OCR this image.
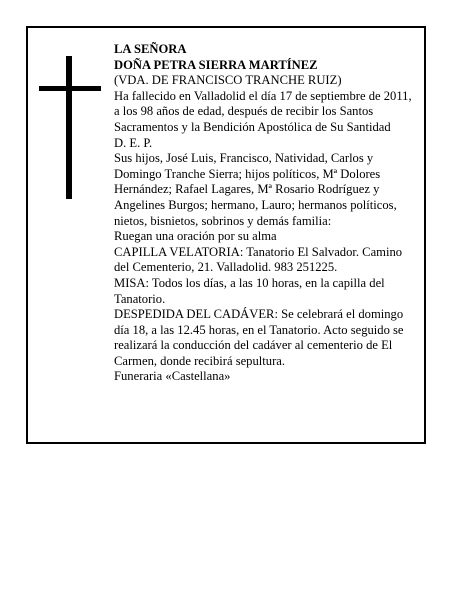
LA SEÑORA

DOÑA PETRA SIERRA MARTÍNEZ

(VDA. DE FRANCISCO TRANCHE RUIZ)

Ha fallecido en Valladolid el día 17 de septiembre de 2011, a los 98 años de edad, después de recibir los Santos Sacramentos y la Bendición Apostólica de Su Santidad

D. E. P.

Sus hijos, José Luis, Francisco, Natividad, Carlos y Domingo Tranche Sierra; hijos políticos, Mª Dolores Hernández; Rafael Lagares, Mª Rosario Rodríguez y Angelines Burgos; hermano, Lauro; hermanos políticos, nietos, bisnietos, sobrinos y demás familia:

Ruegan una oración por su alma

CAPILLA VELATORIA: Tanatorio El Salvador. Camino del Cementerio, 21. Valladolid. 983 251225.

MISA: Todos los días, a las 10 horas, en la capilla del Tanatorio.

DESPEDIDA DEL CADÁVER: Se celebrará el domingo día 18, a las 12.45 horas, en el Tanatorio. Acto seguido se realizará la conducción del cadáver al cementerio de El Carmen, donde recibirá sepultura.

Funeraria «Castellana»
